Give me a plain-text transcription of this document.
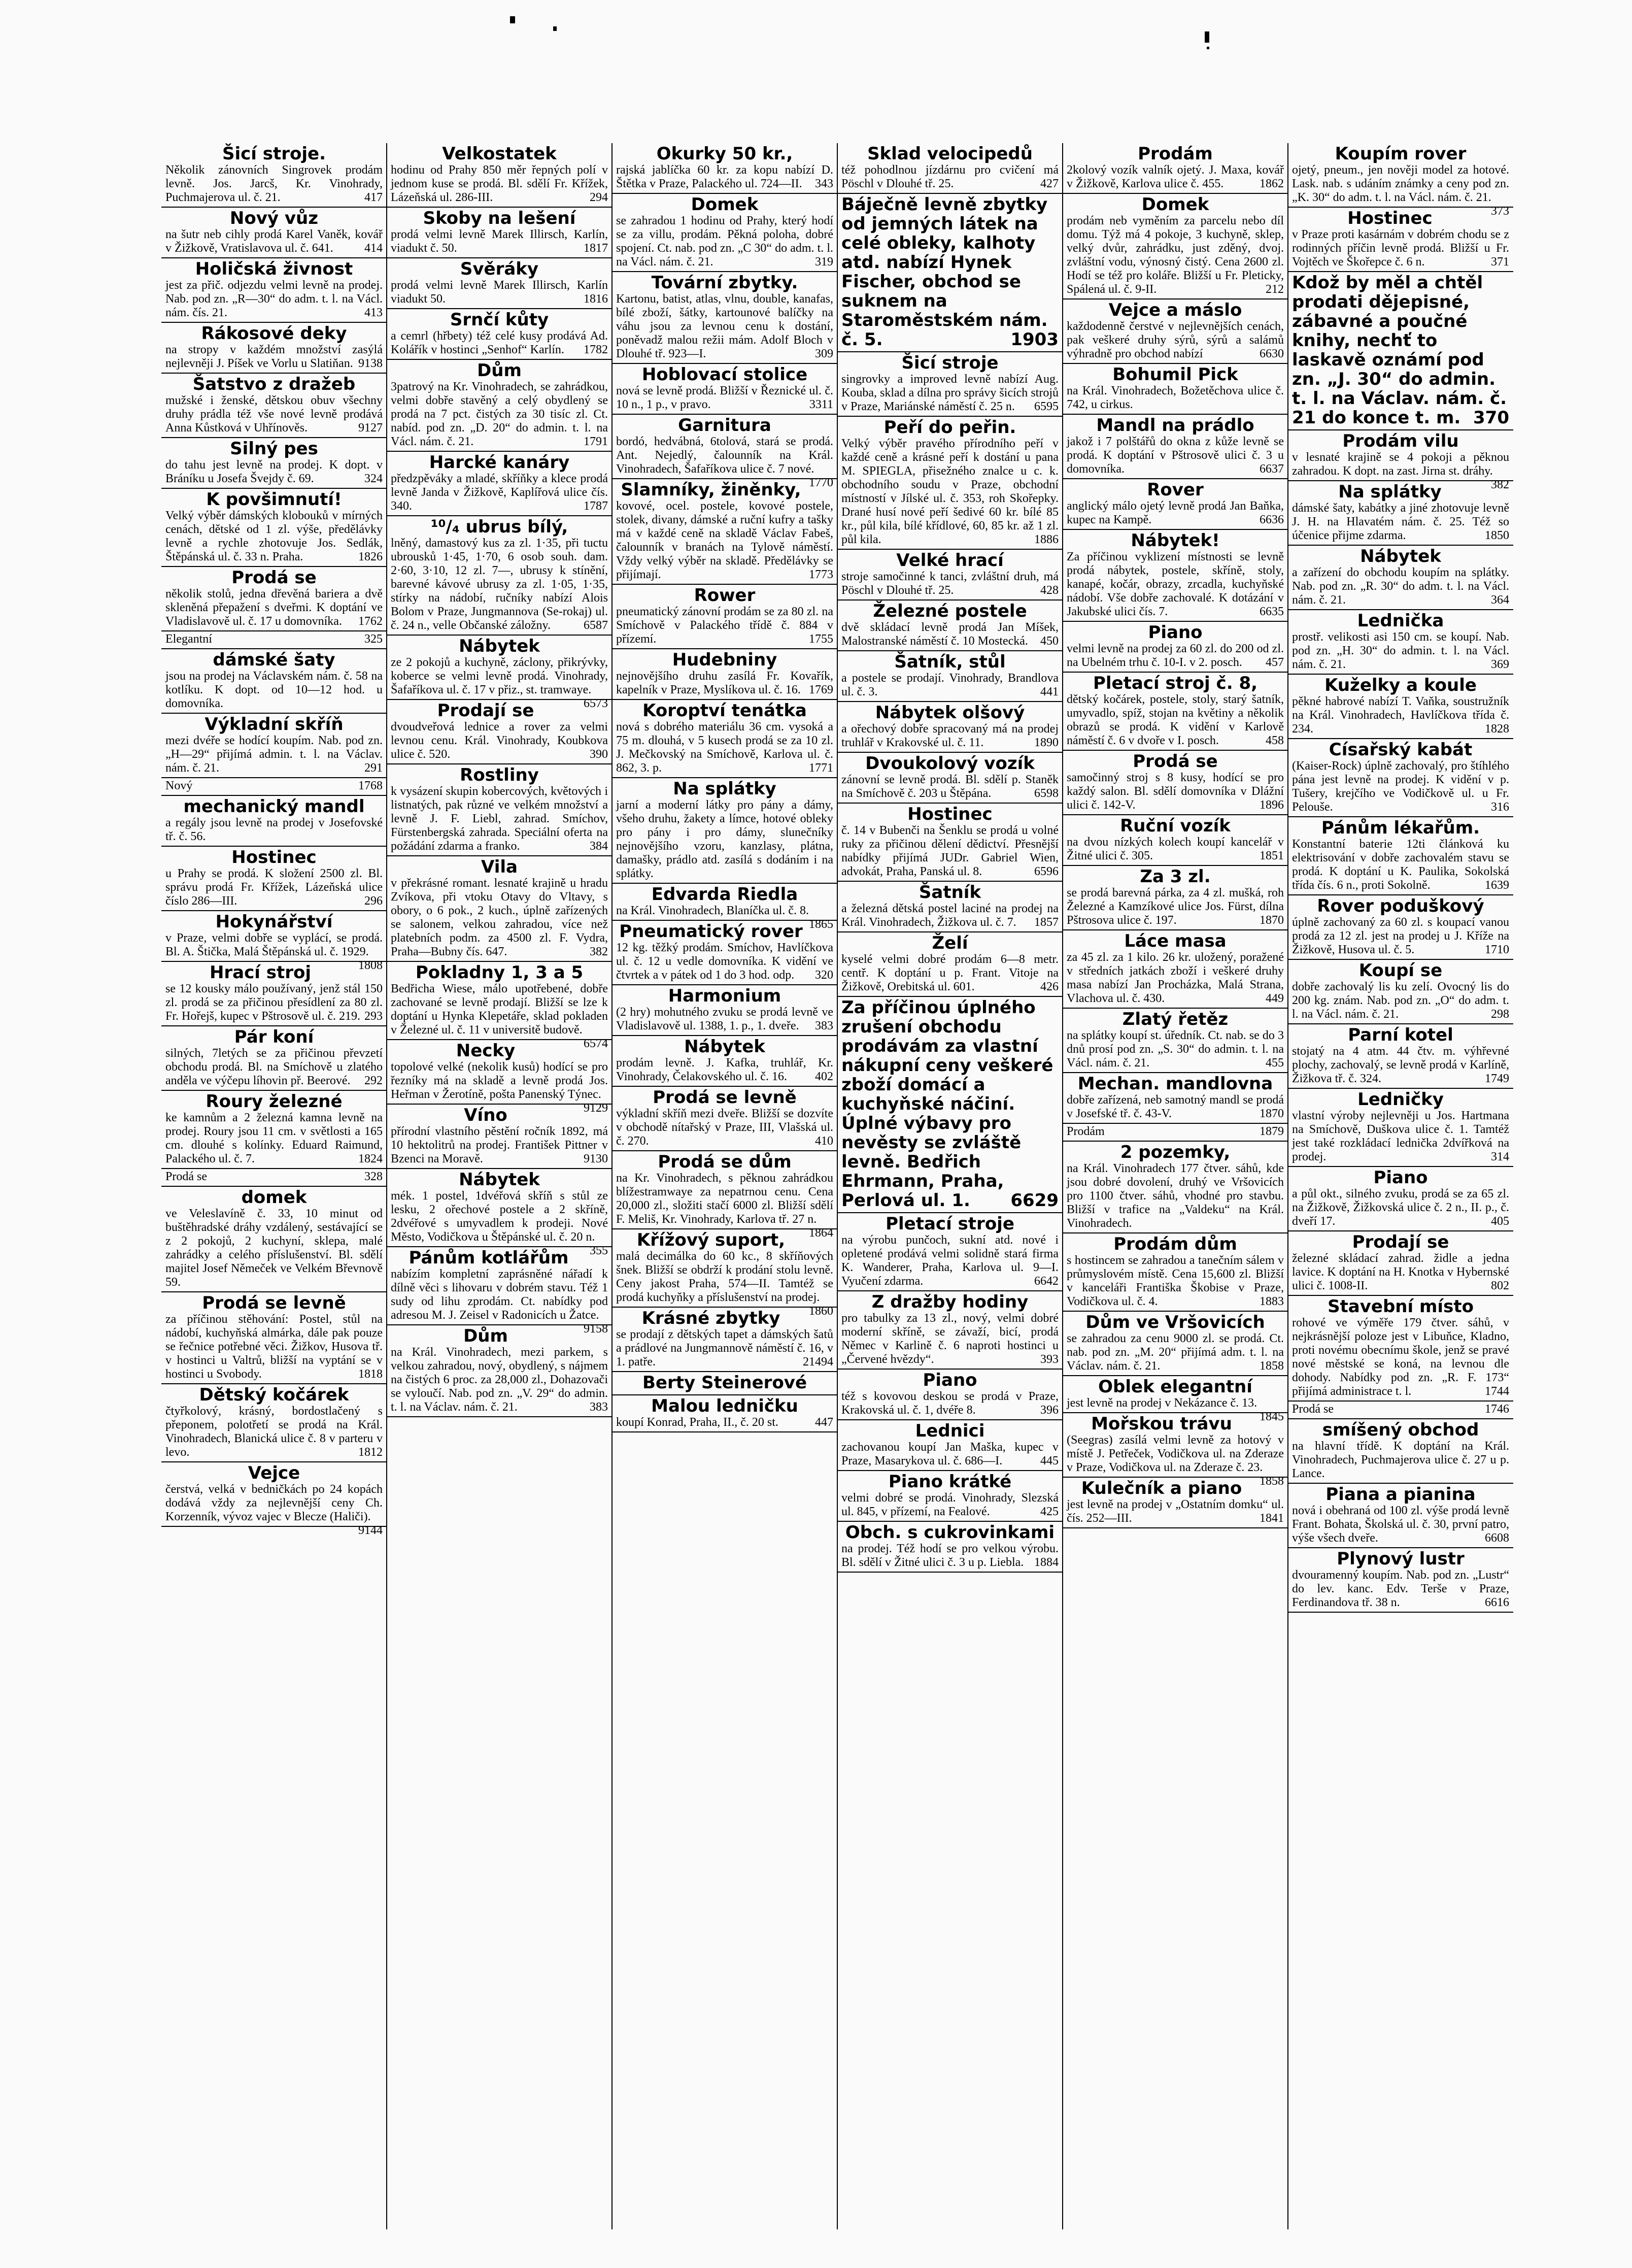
Šicí stroje.
Několik zánovních Singrovek prodám levně. Jos. Jarcš, Kr. Vinohrady, Puchmajerova ul. č. 21.	417
Nový vůz
na šutr neb cihly prodá Karel Vaněk, kovář v Žižkově, Vratislavova ul. č. 641.	414
Holičská živnost
jest za přič. odjezdu velmi levně na prodej. Nab. pod zn. „R—30“ do adm. t. l. na Václ. nám. čís. 21.	413
Rákosové deky
na stropy v každém množství zasýlá nejlevněji J. Píšek ve Vorlu u Slatiňan. 9138
Šatstvo z dražeb
mužské i ženské, dětskou obuv všechny druhy prádla též vše nové levně prodává Anna Kůstková v Uhřínověs.	9127
Silný pes
do tahu jest levně na prodej. K dopt. v Bráníku u Josefa Švejdy č. 69.	324
K povšimnutí!
Velký výběr dámských klobouků v mírných cenách, dětské od 1 zl. výše, předělávky levně a rychle zhotovuje Jos. Sedlák, Štěpánská ul. č. 33 n. Praha.	1826
Prodá se
několik stolů, jedna dřevěná bariera a dvě skleněná přepažení s dveřmi. K doptání ve Vladislavově ul. č. 17 u domovníka. 1762
Elegantní	325
dámské šaty
jsou na prodej na Václavském nám. č. 58 na kotlíku. K dopt. od 10—12 hod. u domovníka.
Výkladní skříň
mezi dvéře se hodící koupím. Nab. pod zn. „H—29“ přijímá admin. t. l. na Václav. nám. č. 21.	291
Nový	1768
mechanický mandl
a regály jsou levně na prodej v Josefovské tř. č. 56.
Hostinec
u Prahy se prodá. K složení 2500 zl. Bl. správu prodá Fr. Křížek, Lázeňská ulice číslo 286—III.	296
Hokynářství
v Praze, velmi dobře se vyplácí, se prodá. Bl. A. Štička, Malá Štěpánská ul. č. 1929.
1808
Hrací stroj
se 12 kousky málo používaný, jenž stál 150 zl. prodá se za přičinou přesídlení za 80 zl. Fr. Hořejš, kupec v Pštrosově ul. č. 219. 293
Pár koní
silných, 7letých se za přičinou převzetí obchodu prodá. Bl. na Smíchově u zlatého anděla ve výčepu líhovin př. Beerové. 292
Roury železné
ke kamnům a 2 železná kamna levně na prodej. Roury jsou 11 cm. v světlosti a 165 cm. dlouhé s kolínky. Eduard Raimund, Palackého ul. č. 7.	1824
Prodá se	328
domek
ve Veleslavíně č. 33, 10 minut od buštěhradské dráhy vzdálený, sestávající se z 2 pokojů, 2 kuchyní, sklepa, malé zahrádky a celého příslušenství. Bl. sdělí majitel Josef Němeček ve Velkém Břevnově 59.
Prodá se levně
za příčinou stěhování: Postel, stůl na nádobí, kuchyňská almárka, dále pak pouze se řečnice potřebné věci. Žižkov, Husova tř. v hostinci u Valtrů, bližší na vyptání se v hostinci u Svobody.	1818
Dětský kočárek
čtyřkolový, krásný, bordostlačený s přeponem, polotřetí se prodá na Král. Vinohradech, Blanická ulice č. 8 v parteru v levo.	1812
Vejce
čerstvá, velká v bedničkách po 24 kopách dodává vždy za nejlevnější ceny Ch. Korzenník, vývoz vajec v Blecze (Haliči).
9144
Velkostatek
hodinu od Prahy 850 měr řepných polí v jednom kuse se prodá. Bl. sdělí Fr. Křížek, Lázeňská ul. 286-III.	294
Skoby na lešení
prodá velmi levně Marek Illirsch, Karlín, viadukt č. 50.	1817
Svěráky
prodá velmi levně Marek Illirsch, Karlín viadukt 50.	1816
Srnčí kůty
a cemrl (hřbety) též celé kusy prodává Ad. Kolářík v hostinci „Senhof“ Karlín. 1782
Dům
3patrový na Kr. Vinohradech, se zahrádkou, velmi dobře stavěný a celý obydlený se prodá na 7 pct. čistých za 30 tisíc zl. Ct. nabíd. pod zn. „D. 20“ do admin. t. l. na Václ. nám. č. 21.	1791
Harcké kanáry
předzpěváky a mladé, skříňky a klece prodá levně Janda v Žižkově, Kaplířová ulice čís. 340.	1787
¹⁰/₄ ubrus bílý,
lněný, damastový kus za zl. 1·35, při tuctu ubrousků 1·45, 1·70, 6 osob souh. dam. 2·60, 3·10, 12 zl. 7—, ubrusy k stínění, barevné kávové ubrusy za zl. 1·05, 1·35, stírky na nádobí, ručníky nabízí Alois Bolom v Praze, Jungmannova (Se-rokaj) ul. č. 24 n., velle Občanské záložny.	6587
Nábytek
ze 2 pokojů a kuchyně, záclony, přikrývky, koberce se velmi levně prodá. Vinohrady, Šafaříkova ul. č. 17 v přiz., st. tramwaye.
6573
Prodají se
dvoudveřová lednice a rover za velmi levnou cenu. Král. Vinohrady, Koubkova ulice č. 520.	390
Rostliny
k vysázení skupin kobercových, květových i listnatých, pak různé ve velkém množství a levně J. F. Liebl, zahrad. Smíchov, Fürstenbergská zahrada. Speciální oferta na požádání zdarma a franko.	384
Vila
v překrásné romant. lesnaté krajině u hradu Zvíkova, při vtoku Otavy do Vltavy, s obory, o 6 pok., 2 kuch., úplně zařízených se salonem, velkou zahradou, více než platebních podm. za 4500 zl. F. Vydra, Praha—Bubny čís. 647.	382
Pokladny 1, 3 a 5
Bedřicha Wiese, málo upotřebené, dobře zachované se levně prodají. Bližší se lze k doptání u Hynka Klepetáře, sklad pokladen v Železné ul. č. 11 v universitě budově.
6574
Necky
topolové velké (nekolik kusů) hodící se pro řezníky má na skladě a levně prodá Jos. Heřman v Žerotíně, pošta Panenský Týnec.
9129
Víno
přírodní vlastního pěstění ročník 1892, má 10 hektolitrů na prodej. František Pittner v Bzenci na Moravě.	9130
Nábytek
mék. 1 postel, 1dvéřová skříň s stůl ze lesku, 2 ořechové postele a 2 skříně, 2dvéřové s umyvadlem k prodeji. Nové Město, Vodičkova u Štěpánské ul. č. 20 n.
355
Pánům kotlářům
nabízím kompletní zaprásněné nářadí k dílně věci s lihovaru v dobrém stavu. Též 1 sudy od lihu zprodám. Ct. nabídky pod adresou M. J. Zeisel v Radonicích u Žatce.
9158
Dům
na Král. Vinohradech, mezi parkem, s velkou zahradou, nový, obydlený, s nájmem na čistých 6 proc. za 28,000 zl., Dohazovači se vyloučí. Nab. pod zn. „V. 29“ do admin. t. l. na Václav. nám. č. 21.	383
Okurky 50 kr.,
rajská jablíčka 60 kr. za kopu nabízí D. Štětka v Praze, Palackého ul. 724—II. 343
Domek
se zahradou 1 hodinu od Prahy, který hodí se za villu, prodám. Pěkná poloha, dobré spojení. Ct. nab. pod zn. „C 30“ do adm. t. l. na Václ. nám. č. 21.	319
Tovární zbytky.
Kartonu, batist, atlas, vlnu, double, kanafas, bílé zboží, šátky, kartounové balíčky na váhu jsou za levnou cenu k dostání, poněvadž malou režii mám. Adolf Bloch v Dlouhé tř. 923—I.	309
Hoblovací stolice
nová se levně prodá. Bližší v Řeznické ul. č. 10 n., 1 p., v pravo.	3311
Garnitura
bordó, hedvábná, 6tolová, stará se prodá. Ant. Nejedlý, čalounník na Král. Vinohradech, Šafaříkova ulice č. 7 nové.
1770
Slamníky, žiněnky,
kovové, ocel. postele, kovové postele, stolek, divany, dámské a ruční kufry a tašky má v každé ceně na skladě Václav Fabeš, čalounník v branách na Tylově náměstí. Vždy velký výběr na skladě. Předělávky se přijímají.	1773
Rower
pneumatický zánovní prodám se za 80 zl. na Smíchově v Palackého třídě č. 884 v přízemí.	1755
Hudebniny
nejnovějšího druhu zasílá Fr. Kovařík, kapelník v Praze, Myslíkova ul. č. 16. 1769
Koroptví tenátka
nová s dobrého materiálu 36 cm. vysoká a 75 m. dlouhá, v 5 kusech prodá se za 10 zl. J. Mečkovský na Smíchově, Karlova ul. č. 862, 3. p.	1771
Na splátky
jarní a moderní látky pro pány a dámy, všeho druhu, žakety a límce, hotové obleky pro pány i pro dámy, slunečníky nejnovějšího vzoru, kanzlasy, plátna, damašky, prádlo atd. zasílá s dodáním i na splátky.
Edvarda Riedla
na Král. Vinohradech, Blaníčka ul. č. 8.
1865
Pneumatický rover
12 kg. těžký prodám. Smíchov, Havlíčkova ul. č. 12 u vedle domovníka. K vidění ve čtvrtek a v pátek od 1 do 3 hod. odp. 320
Harmonium
(2 hry) mohutného zvuku se prodá levně ve Vladislavově ul. 1388, 1. p., 1. dveře. 383
Nábytek
prodám levně. J. Kafka, truhlář, Kr. Vinohrady, Čelakovského ul. č. 16. 402
Prodá se levně
výkladní skříň mezi dveře. Bližší se dozvíte v obchodě nítařský v Praze, III, Vlašská ul. č. 270.	410
Prodá se dům
na Kr. Vinohradech, s pěknou zahrádkou blížestramwaye za nepatrnou cenu. Cena 20,000 zl., složiti stačí 6000 zl. Bližší sdělí F. Meliš, Kr. Vinohrady, Karlova tř. 27 n.
1864
Křížový suport,
malá decimálka do 60 kc., 8 skříňových šnek. Bližší se obdrží k prodání stolu levně. Ceny jakost Praha, 574—II. Tamtéž se prodá kuchyňky a příslušenství na prodej.
1860
Krásné zbytky
se prodají z dětských tapet a dámských šatů a prádlové na Jungmannově náměstí č. 16, v 1. patře.	21494
Berty Steinerové
Malou ledničku
koupí Konrad, Praha, II., č. 20 st.	447
Sklad velocipedů
též pohodlnou jízdárnu pro cvičení má Pöschl v Dlouhé tř. 25.	427
Báječně levně zbytky od jemných látek na celé obleky, kalhoty atd. nabízí Hynek Fischer, obchod se suknem na Staroměstském nám. č. 5.	1903
Šicí stroje
singrovky a improved levně nabízí Aug. Kouba, sklad a dílna pro správy šicích strojů v Praze, Mariánské náměstí č. 25 n. 6595
Peří do peřin.
Velký výběr pravého přírodního peří v každé ceně a krásné peří k dostání u pana M. SPIEGLA, přisežného znalce u c. k. obchodního soudu v Praze, obchodní místností v Jílské ul. č. 353, roh Skořepky. Drané husí nové peří šedivé 60 kr. bílé 85 kr., půl kila, bílé křídlové, 60, 85 kr. až 1 zl. půl kila.	1886
Velké hrací
stroje samočinné k tanci, zvláštní druh, má Pöschl v Dlouhé tř. 25.	428
Železné postele
dvě skládací levně prodá Jan Míšek, Malostranské náměstí č. 10 Mostecká. 450
Šatník, stůl
a postele se prodají. Vinohrady, Brandlova ul. č. 3.	441
Nábytek olšový
a ořechový dobře spracovaný má na prodej truhlář v Krakovské ul. č. 11.	1890
Dvoukolový vozík
zánovní se levně prodá. Bl. sdělí p. Staněk na Smíchově č. 203 u Štěpána.	6598
Hostinec
č. 14 v Bubenči na Šenklu se prodá u volné ruky za přičinou dělení dědictví. Přesnější nabídky přijímá JUDr. Gabriel Wien, advokát, Praha, Panská ul. 8.	6596
Šatník
a železná dětská postel laciné na prodej na Král. Vinohradech, Žižkova ul. č. 7. 1857
Želí
kyselé velmi dobré prodám 6—8 metr. centř. K doptání u p. Frant. Vitoje na Žižkově, Orebitská ul. 601.	426
Za příčinou úplného zrušení obchodu prodávám za vlastní nákupní ceny veškeré zboží domácí a kuchyňské náčiní. Úplné výbavy pro nevěsty se zvláště levně. Bedřich Ehrmann, Praha, Perlová ul. 1. 6629
Pletací stroje
na výrobu punčoch, sukní atd. nové i opletené prodává velmi solidně stará firma K. Wanderer, Praha, Karlova ul. 9—I. Vyučení zdarma.	6642
Z dražby hodiny
pro tabulky za 13 zl., nový, velmi dobré moderní skříně, se závaží, bicí, prodá Němec v Karlině č. 6 naproti hostinci u „Červené hvězdy“.	393
Piano
též s kovovou deskou se prodá v Praze, Krakovská ul. č. 1, dvéře 8.	396
Lednici
zachovanou koupí Jan Maška, kupec v Praze, Masarykova ul. č. 686—I.	445
Piano krátké
velmi dobré se prodá. Vinohrady, Slezská ul. 845, v přízemí, na Fealové.	425
Obch. s cukrovinkami
na prodej. Též hodí se pro velkou výrobu. Bl. sdělí v Žitné ulici č. 3 u p. Liebla. 1884
Prodám
2kolový vozík valník ojetý. J. Maxa, kovář v Žižkově, Karlova ulice č. 455.	1862
Domek
prodám neb vyměním za parcelu nebo díl domu. Týž má 4 pokoje, 3 kuchyně, sklep, velký dvůr, zahrádku, just zděný, dvoj. zvláštní vodu, výnosný čistý. Cena 2600 zl. Hodí se též pro koláře. Bližší u Fr. Pleticky, Spálená ul. č. 9-II.	212
Vejce a máslo
každodenně čerstvé v nejlevnějších cenách, pak veškeré druhy sýrů, sýrů a salámů výhradně pro obchod nabízí	6630
Bohumil Pick
na Král. Vinohradech, Božetěchova ulice č. 742, u cirkus.
Mandl na prádlo
jakož i 7 polštářů do okna z kůže levně se prodá. K doptání v Pštrosově ulici č. 3 u domovníka.	6637
Rover
anglický málo ojetý levně prodá Jan Baňka, kupec na Kampě.	6636
Nábytek!
Za příčinou vyklizení místnosti se levně prodá nábytek, postele, skříně, stoly, kanapé, kočár, obrazy, zrcadla, kuchyňské nádobí. Vše dobře zachovalé. K dotázání v Jakubské ulici čís. 7.	6635
Piano
velmi levně na prodej za 60 zl. do 200 od zl. na Ubelném trhu č. 10-I. v 2. posch. 457
Pletací stroj č. 8,
dětský kočárek, postele, stoly, starý šatník, umyvadlo, spíž, stojan na květiny a několik obrazů se prodá. K vidění v Karlově náměstí č. 6 v dvoře v I. posch.	458
Prodá se
samočinný stroj s 8 kusy, hodící se pro každý salon. Bl. sdělí domovníka v Dlážní ulici č. 142-V.	1896
Ruční vozík
na dvou nízkých kolech koupí kancelář v Žitné ulici č. 305.	1851
Za 3 zl.
se prodá barevná párka, za 4 zl. mušká, roh Železné a Kamzíkové ulice Jos. Fürst, dílna Pštrosova ulice č. 197.	1870
Láce masa
za 45 zl. za 1 kilo. 26 kr. uložený, poražené v středních jatkách zboží i veškeré druhy masa nabízí Jan Procházka, Malá Strana, Vlachova ul. č. 430.	449
Zlatý řetěz
na splátky koupí st. úředník. Ct. nab. se do 3 dnů prosí pod zn. „S. 30“ do admin. t. l. na Václ. nám. č. 21.	455
Mechan. mandlovna
dobře zařízená, neb samotný mandl se prodá v Josefské tř. č. 43-V.	1870
Prodám	1879
2 pozemky,
na Král. Vinohradech 177 čtver. sáhů, kde jsou dobré dovolení, druhý ve Vršovicích pro 1100 čtver. sáhů, vhodné pro stavbu. Bližší v trafice na „Valdeku“ na Král. Vinohradech.
Prodám dům
s hostincem se zahradou a tanečním sálem v průmyslovém místě. Cena 15,600 zl. Bližší v kanceláři Františka Škobise v Praze, Vodičkova ul. č. 4.	1883
Dům ve Vršovicích
se zahradou za cenu 9000 zl. se prodá. Ct. nab. pod zn. „M. 20“ přijímá adm. t. l. na Václav. nám. č. 21.	1858
Oblek elegantní
jest levně na prodej v Nekázance č. 13.
1845
Mořskou trávu
(Seegras) zasílá velmi levně za hotový v místě J. Petřeček, Vodičkova ul. na Zderaze v Praze, Vodičkova ul. na Zderaze č. 23.
1858
Kulečník a piano
jest levně na prodej v „Ostatním domku“ ul. čís. 252—III.	1841
Koupím rover
ojetý, pneum., jen nověji model za hotové. Lask. nab. s udáním známky a ceny pod zn. „K. 30“ do adm. t. l. na Václ. nám. č. 21.
373
Hostinec
v Praze proti kasárnám v dobrém chodu se z rodinných příčin levně prodá. Bližší u Fr. Vojtěch ve Škořepce č. 6 n.	371
Kdož by měl a chtěl prodati dějepisné, zábavné a poučné knihy, nechť to laskavě oznámí pod zn. „J. 30“ do admin. t. l. na Václav. nám. č. 21 do konce t. m. 370
Prodám vilu
v lesnaté krajině se 4 pokoji a pěknou zahradou. K dopt. na zast. Jirna st. dráhy.
382
Na splátky
dámské šaty, kabátky a jiné zhotovuje levně J. H. na Hlavatém nám. č. 25. Též so účenice přijme zdarma.	1850
Nábytek
a zařízení do obchodu koupím na splátky. Nab. pod zn. „R. 30“ do adm. t. l. na Václ. nám. č. 21.	364
Lednička
prostř. velikosti asi 150 cm. se koupí. Nab. pod zn. „H. 30“ do admin. t. l. na Václ. nám. č. 21.	369
Kuželky a koule
pěkné habrové nabízí T. Vaňka, soustružník na Král. Vinohradech, Havlíčkova třída č. 234.	1828
Císařský kabát
(Kaiser-Rock) úplně zachovalý, pro štíhlého pána jest levně na prodej. K vidění v p. Tušery, krejčího ve Vodičkově ul. u Fr. Pelouše.	316
Pánům lékařům.
Konstantní baterie 12ti článková ku elektrisování v dobře zachovalém stavu se prodá. K doptání u K. Paulika, Sokolská třída čís. 6 n., proti Sokolně.	1639
Rover poduškový
úplně zachovaný za 60 zl. s koupací vanou prodá za 12 zl. jest na prodej u J. Kříže na Žižkově, Husova ul. č. 5.	1710
Koupí se
dobře zachovalý lis ku zelí. Ovocný lis do 200 kg. znám. Nab. pod zn. „O“ do adm. t. l. na Václ. nám. č. 21.	298
Parní kotel
stojatý na 4 atm. 44 čtv. m. výhřevné plochy, zachovalý, se levně prodá v Karlíně, Žižkova tř. č. 324.	1749
Ledničky
vlastní výroby nejlevněji u Jos. Hartmana na Smíchově, Duškova ulice č. 1. Tamtéž jest také rozkládací lednička 2dvířková na prodej.	314
Piano
a půl okt., silného zvuku, prodá se za 65 zl. na Žižkově, Žižkovská ulice č. 2 n., II. p., č. dveří 17.	405
Prodají se
železné skládací zahrad. židle a jedna lavice. K doptání na H. Knotka v Hybernské ulici č. 1008-II.	802
Stavební místo
rohové ve výměře 179 čtver. sáhů, v nejkrásnější poloze jest v Libuňce, Kladno, proti novému obecnímu škole, jenž se pravé nové městské se koná, na levnou dle dohody. Nabídky pod zn. „R. F. 173“ přijímá administrace t. l.	1744
Prodá se	1746
smíšený obchod
na hlavní třídě. K doptání na Král. Vinohradech, Puchmajerova ulice č. 27 u p. Lance.
Piana a pianina
nová i obehraná od 100 zl. výše prodá levně Frant. Bohata, Školská ul. č. 30, první patro, výše všech dveře.	6608
Plynový lustr
dvouramenný koupím. Nab. pod zn. „Lustr“ do lev. kanc. Edv. Terše v Praze, Ferdinandova tř. 38 n.	6616
